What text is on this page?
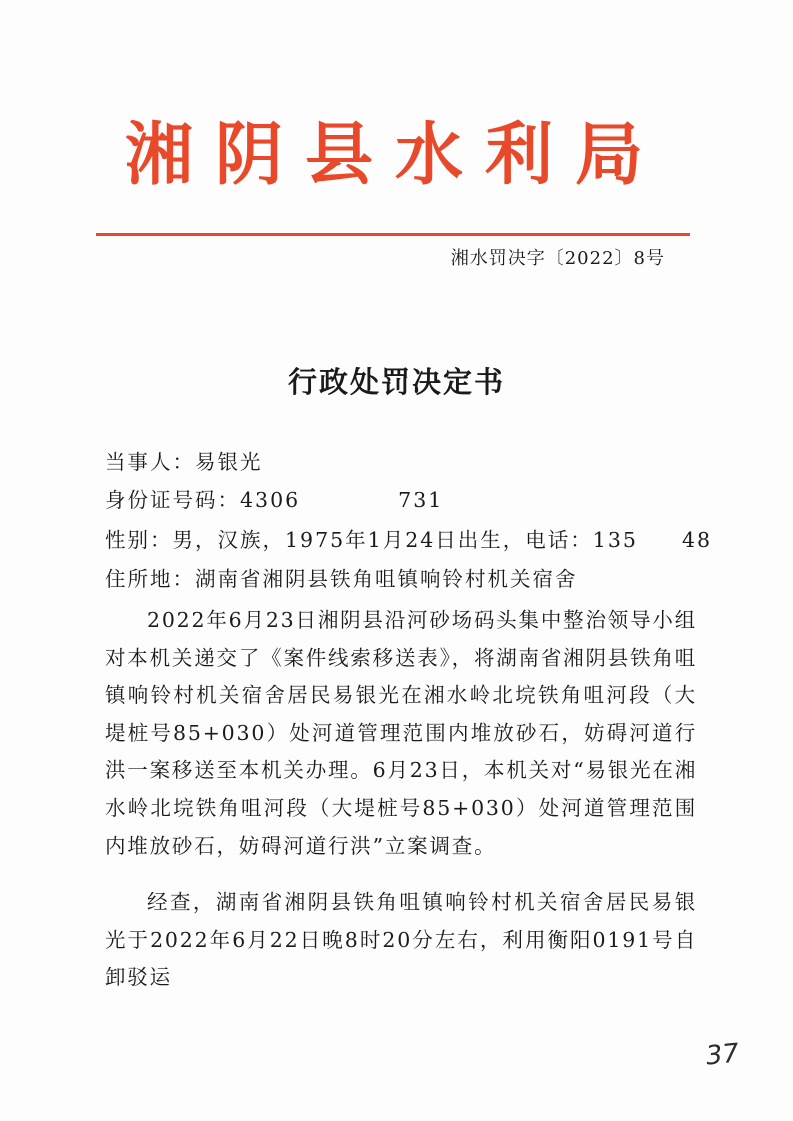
湘阴县水利局
湘水罚决字〔2022〕8号
行政处罚决定书
当事人：易银光
身份证号码：4306	731
性别：男，汉族，1975年1月24日出生，电话：135 48
住所地：湖南省湘阴县铁角咀镇响铃村机关宿舍
2022年6月23日湘阴县沿河砂场码头集中整治领导小组对本机关递交了《案件线索移送表》，将湖南省湘阴县铁角咀镇响铃村机关宿舍居民易银光在湘水岭北垸铁角咀河段（大堤桩号85+030）处河道管理范围内堆放砂石，妨碍河道行洪一案移送至本机关办理。6月23日，本机关对“易银光在湘水岭北垸铁角咀河段（大堤桩号85+030）处河道管理范围内堆放砂石，妨碍河道行洪”立案调查。
经查，湖南省湘阴县铁角咀镇响铃村机关宿舍居民易银光于2022年6月22日晚8时20分左右，利用衡阳0191号自卸驳运
37
